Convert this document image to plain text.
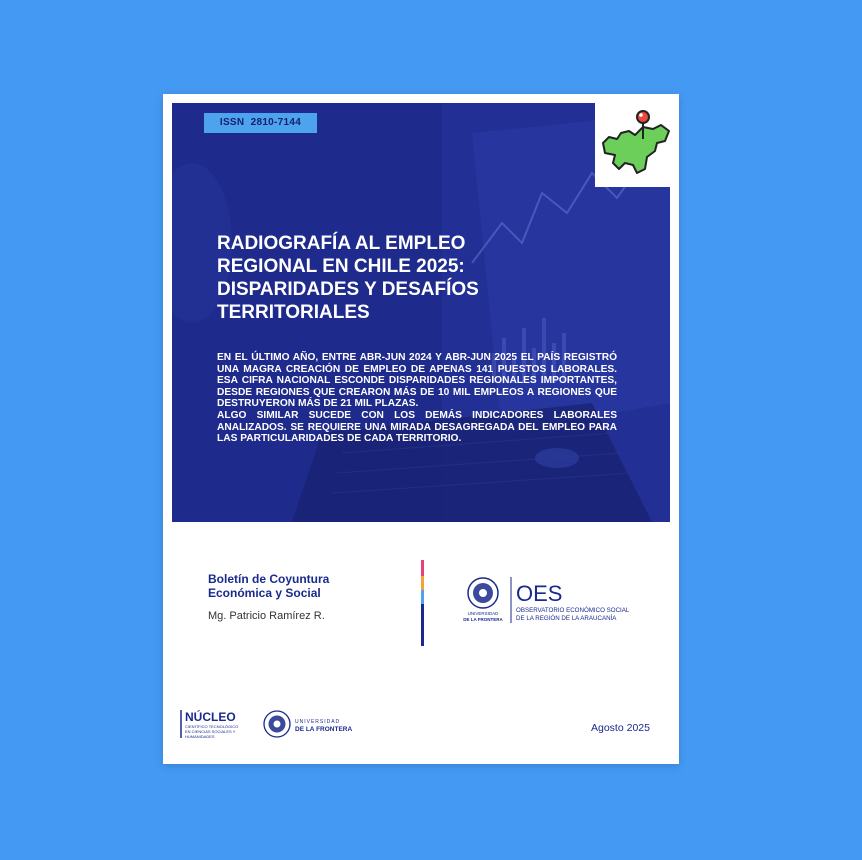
ISSN 2810-7144
RADIOGRAFÍA AL EMPLEO REGIONAL EN CHILE 2025: DISPARIDADES Y DESAFÍOS TERRITORIALES

EN EL ÚLTIMO AÑO, ENTRE ABR-JUN 2024 Y ABR-JUN 2025 EL PAÍS REGISTRÓ UNA MAGRA CREACIÓN DE EMPLEO DE APENAS 141 PUESTOS LABORALES. ESA CIFRA NACIONAL ESCONDE DISPARIDADES REGIONALES IMPORTANTES, DESDE REGIONES QUE CREARON MÁS DE 10 MIL EMPLEOS A REGIONES QUE DESTRUYERON MÁS DE 21 MIL PLAZAS.

ALGO SIMILAR SUCEDE CON LOS DEMÁS INDICADORES LABORALES ANALIZADOS. SE REQUIERE UNA MIRADA DESAGREGADA DEL EMPLEO PARA LAS PARTICULARIDADES DE CADA TERRITORIO.

Boletín de Coyuntura
Económica y Social
Mg. Patricio Ramírez R.	UNIVERSIDAD
DE LA FRONTERA
OES
OBSERVATORIO ECONÓMICO SOCIAL
DE LA REGIÓN DE LA ARAUCANÍA
NÚCLEO
CIENTÍFICO TECNOLÓGICO
EN CIENCIAS SOCIALES Y
HUMANIDADES
UNIVERSIDAD
DE LA FRONTERA	Agosto 2025
